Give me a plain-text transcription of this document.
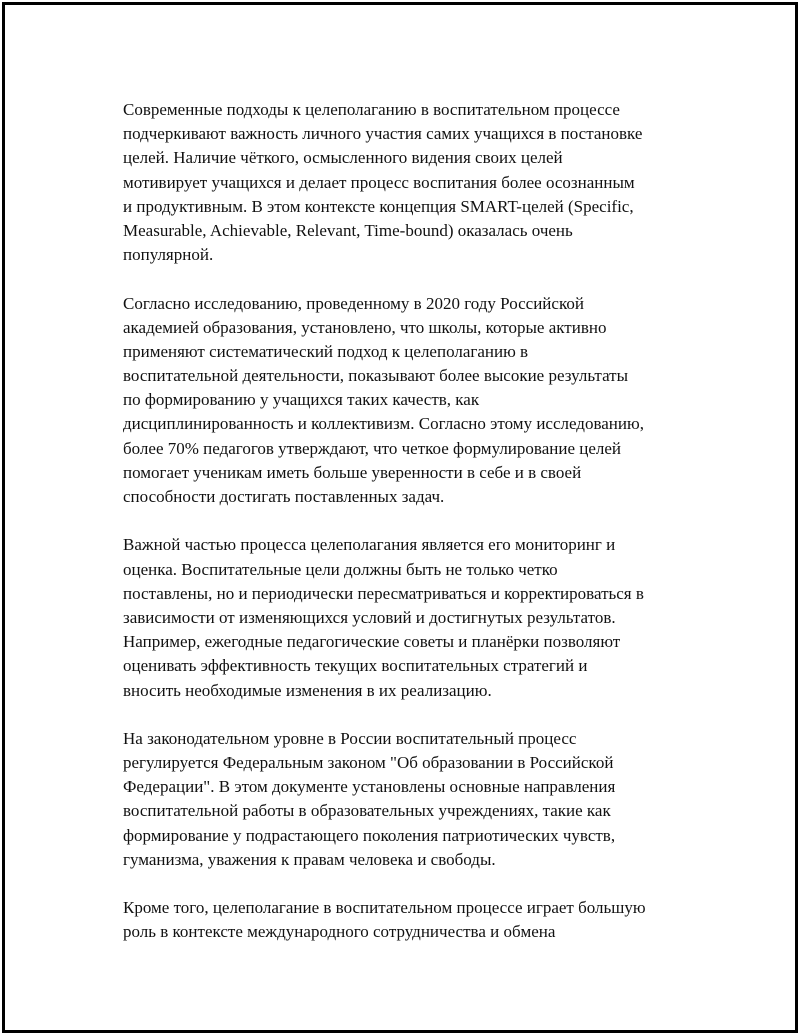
Современные подходы к целеполаганию в воспитательном процессе
подчеркивают важность личного участия самих учащихся в постановке
целей. Наличие чёткого, осмысленного видения своих целей
мотивирует учащихся и делает процесс воспитания более осознанным
и продуктивным. В этом контексте концепция SMART-целей (Specific,
Measurable, Achievable, Relevant, Time-bound) оказалась очень
популярной.

Согласно исследованию, проведенному в 2020 году Российской
академией образования, установлено, что школы, которые активно
применяют систематический подход к целеполаганию в
воспитательной деятельности, показывают более высокие результаты
по формированию у учащихся таких качеств, как
дисциплинированность и коллективизм. Согласно этому исследованию,
более 70% педагогов утверждают, что четкое формулирование целей
помогает ученикам иметь больше уверенности в себе и в своей
способности достигать поставленных задач.

Важной частью процесса целеполагания является его мониторинг и
оценка. Воспитательные цели должны быть не только четко
поставлены, но и периодически пересматриваться и корректироваться в
зависимости от изменяющихся условий и достигнутых результатов.
Например, ежегодные педагогические советы и планёрки позволяют
оценивать эффективность текущих воспитательных стратегий и
вносить необходимые изменения в их реализацию.

На законодательном уровне в России воспитательный процесс
регулируется Федеральным законом "Об образовании в Российской
Федерации". В этом документе установлены основные направления
воспитательной работы в образовательных учреждениях, такие как
формирование у подрастающего поколения патриотических чувств,
гуманизма, уважения к правам человека и свободы.

Кроме того, целеполагание в воспитательном процессе играет большую
роль в контексте международного сотрудничества и обмена
